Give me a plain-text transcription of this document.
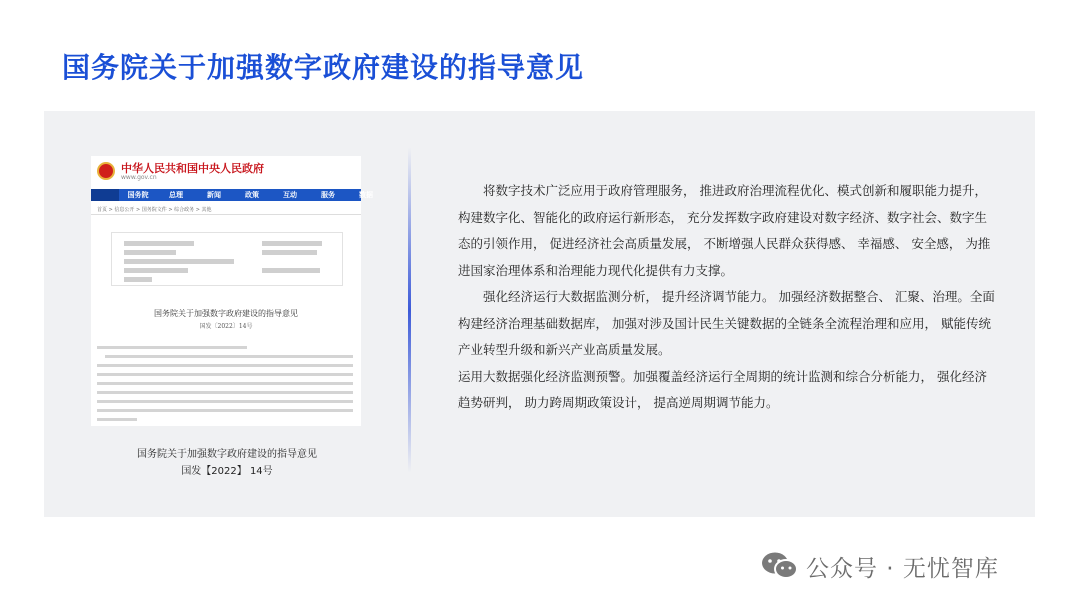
国务院关于加强数字政府建设的指导意见
中华人民共和国中央人民政府
www.gov.cn
国务院	总理	新闻	政策	互动	服务	数据
首页 > 信息公开 > 国务院文件 > 综合政务 > 其他
国务院关于加强数字政府建设的指导意见
国发〔2022〕14号
国务院关于加强数字政府建设的指导意见
国发【2022】 14号

将数字技术广泛应用于政府管理服务， 推进政府治理流程优化、模式创新和履职能力提升， 构建数字化、智能化的政府运行新形态， 充分发挥数字政府建设对数字经济、数字社会、数字生态的引领作用， 促进经济社会高质量发展， 不断增强人民群众获得感、 幸福感、 安全感， 为推进国家治理体系和治理能力现代化提供有力支撑。

强化经济运行大数据监测分析， 提升经济调节能力。 加强经济数据整合、 汇聚、治理。全面构建经济治理基础数据库， 加强对涉及国计民生关键数据的全链条全流程治理和应用， 赋能传统产业转型升级和新兴产业高质量发展。

运用大数据强化经济监测预警。加强覆盖经济运行全周期的统计监测和综合分析能力， 强化经济趋势研判， 助力跨周期政策设计， 提高逆周期调节能力。

公众号 · 无忧智库
